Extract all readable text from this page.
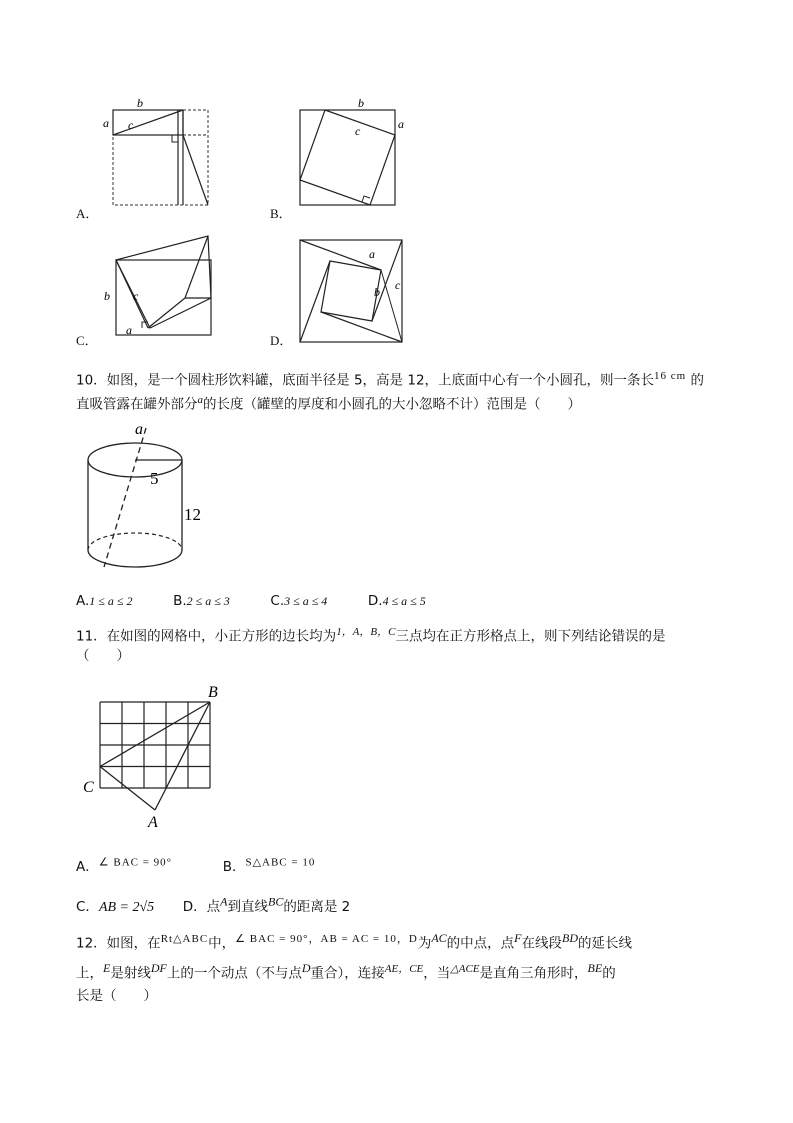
A．
b
a c
B．
b
a
c
C．
b c
a
D．
a
b c
10．如图，是一个圆柱形饮料罐，底面半径是 5，高是 12，上底面中心有一个小圆孔，则一条长$^{16 cm}$ 的
直吸管露在罐外部分$^a$的长度（罐壁的厚度和小圆孔的大小忽略不计）范围是（　　）
a
5
12
A.1 ≤ a ≤ 2	B.2 ≤ a ≤ 3	C.3 ≤ a ≤ 4	D.4 ≤ a ≤ 5
11．在如图的网格中，小正方形的边长均为$^{1,A,B,C}$三点均在正方形格点上，则下列结论错误的是
（　　）
B
C
A
A．$^{\angle BAC = 90^\circ}$	B．$^{S\triangle ABC = 10}$
C．AB = 2√5 D．点$^A$到直线$^{BC}$的距离是 2
12．如图，在$^{Rt\triangle ABC}$中，$^{\angle BAC = 90^\circ,AB = AC = 10,D}$为$^{AC}$的中点，点$^F$在线段$^{BD}$的延长线
上，$^E$是射线$^{DF}$上的一个动点（不与点$^D$重合），连接$^{AE,CE}$，当$^{\triangle ACE}$是直角三角形时，$^{BE}$的
长是（　　）
